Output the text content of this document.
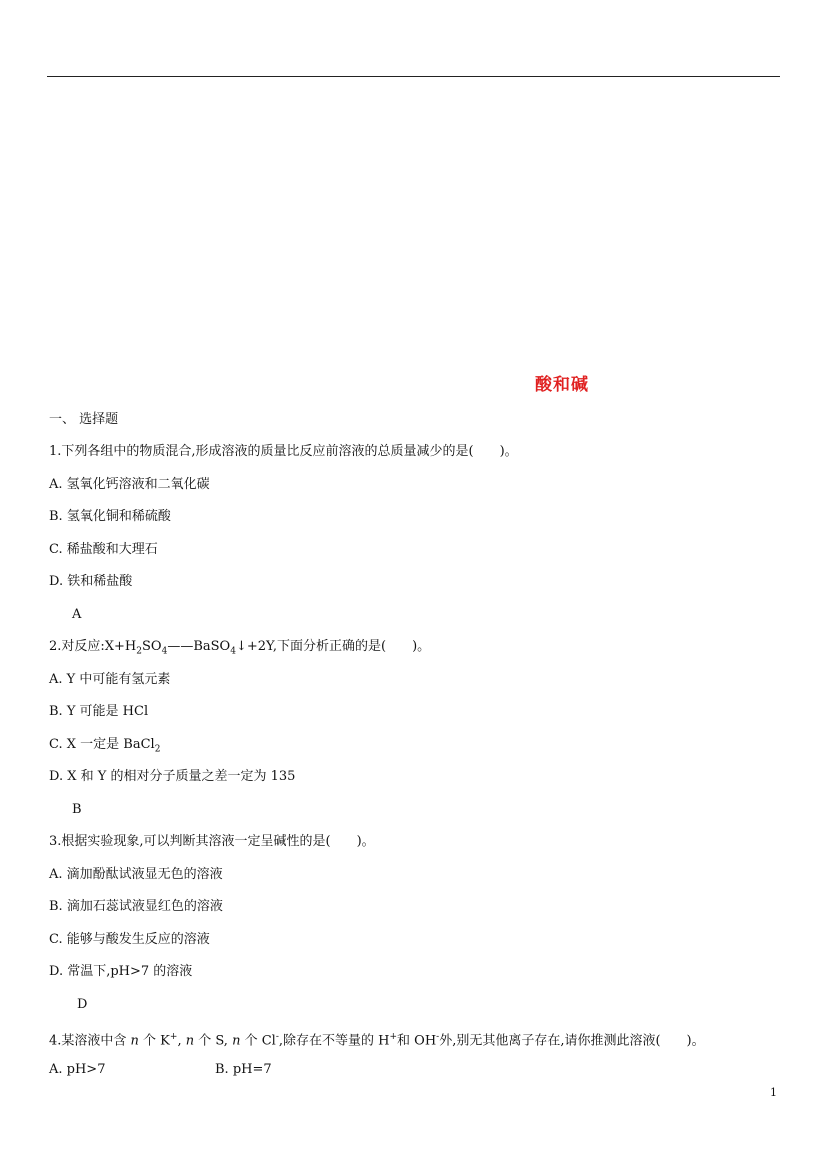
酸和碱
一、 选择题
1.下列各组中的物质混合,形成溶液的质量比反应前溶液的总质量减少的是(　　)。
A. 氢氧化钙溶液和二氧化碳
B. 氢氧化铜和稀硫酸
C. 稀盐酸和大理石
D. 铁和稀盐酸
A
2.对反应$:X+H_2SO_4——BaSO_4↓+2Y$,下面分析正确的是(　　)。
A. Y 中可能有氢元素
B. Y 可能是 HCl
C. X 一定是 BaCl$_2$
D. X 和 Y 的相对分子质量之差一定为 135
B
3.根据实验现象,可以判断其溶液一定呈碱性的是(　　)。
A. 滴加酚酞试液显无色的溶液
B. 滴加石蕊试液显红色的溶液
C. 能够与酸发生反应的溶液
D. 常温下,pH>7 的溶液
D
4.某溶液中含 n 个 K+, n 个 S, n 个 Cl-,除存在不等量的 H+和 OH-外,别无其他离子存在,请你推测此溶液(　　)。
A. pH>7	B. pH=7
1
